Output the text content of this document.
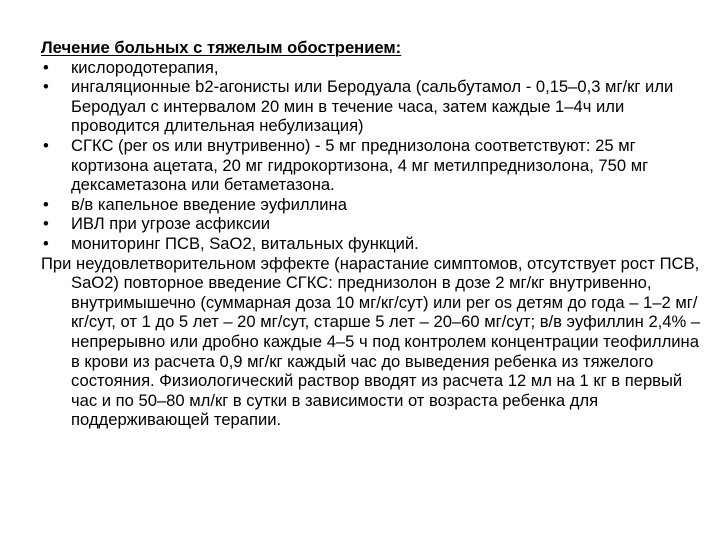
Лечение больных с тяжелым обострением:
• кислородотерапия,
• ингаляционные b2-агонисты или Беродуала (сальбутамол - 0,15–0,3 мг/кг или Беродуал с интервалом 20 мин в течение часа, затем каждые 1–4ч или проводится длительная небулизация)
• СГКС (per os или внутривенно) - 5 мг преднизолона соответствуют: 25 мг кортизона ацетата, 20 мг гидрокортизона, 4 мг метилпреднизолона, 750 мг дексаметазона или бетаметазона.
• в/в капельное введение эуфиллина
• ИВЛ при угрозе асфиксии
• мониторинг ПСВ, SaO2, витальных функций.
При неудовлетворительном эффекте (нарастание симптомов, отсутствует рост ПСВ, SaO2) повторное введение СГКС: преднизолон в дозе 2 мг/кг внутривенно, внутримышечно (суммарная доза 10 мг/кг/сут) или per os детям до года – 1–2 мг/кг/сут, от 1 до 5 лет – 20 мг/сут, старше 5 лет – 20–60 мг/сут; в/в эуфиллин 2,4% – непрерывно или дробно каждые 4–5 ч под контролем концентрации теофиллина в крови из расчета 0,9 мг/кг каждый час до выведения ребенка из тяжелого состояния. Физиологический раствор вводят из расчета 12 мл на 1 кг в первый час и по 50–80 мл/кг в сутки в зависимости от возраста ребенка для поддерживающей терапии.
